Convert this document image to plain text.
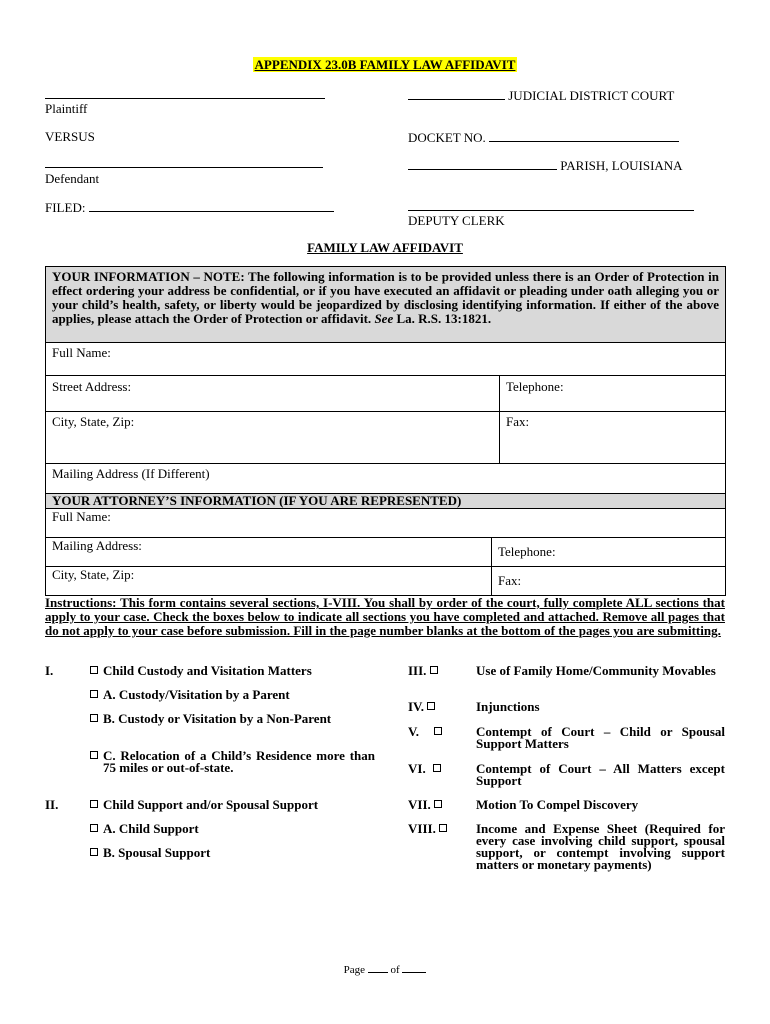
APPENDIX 23.0B FAMILY LAW AFFIDAVIT
Plaintiff
JUDICIAL DISTRICT COURT
VERSUS	DOCKET NO.
Defendant
PARISH, LOUISIANA
FILED:
DEPUTY CLERK
FAMILY LAW AFFIDAVIT
YOUR INFORMATION – NOTE: The following information is to be provided unless there is an Order of Protection in effect ordering your address be confidential, or if you have executed an affidavit or pleading under oath alleging you or your child’s health, safety, or liberty would be jeopardized by disclosing identifying information. If either of the above applies, please attach the Order of Protection or affidavit. See La. R.S. 13:1821.
Full Name:
Street Address:	Telephone:
City, State, Zip:	Fax:
Mailing Address (If Different)
YOUR ATTORNEY’S INFORMATION (IF YOU ARE REPRESENTED)
Full Name:
Mailing Address:	Telephone:
City, State, Zip:	Fax:
Instructions: This form contains several sections, I-VIII. You shall by order of the court, fully complete ALL sections that apply to your case. Check the boxes below to indicate all sections you have completed and attached. Remove all pages that do not apply to your case before submission. Fill in the page number blanks at the bottom of the pages you are submitting.
I.	Child Custody and Visitation Matters
A. Custody/Visitation by a Parent
B. Custody or Visitation by a Non-Parent
C. Relocation of a Child’s Residence more than 75 miles or out-of-state.
II.	Child Support and/or Spousal Support
A. Child Support
B. Spousal Support
III.	Use of Family Home/Community Movables
IV.	Injunctions
V.	Contempt of Court – Child or Spousal Support Matters
VI.	Contempt of Court – All Matters except Support
VII.	Motion To Compel Discovery
VIII.	Income and Expense Sheet (Required for every case involving child support, spousal support, or contempt involving support matters or monetary payments)
Page of
